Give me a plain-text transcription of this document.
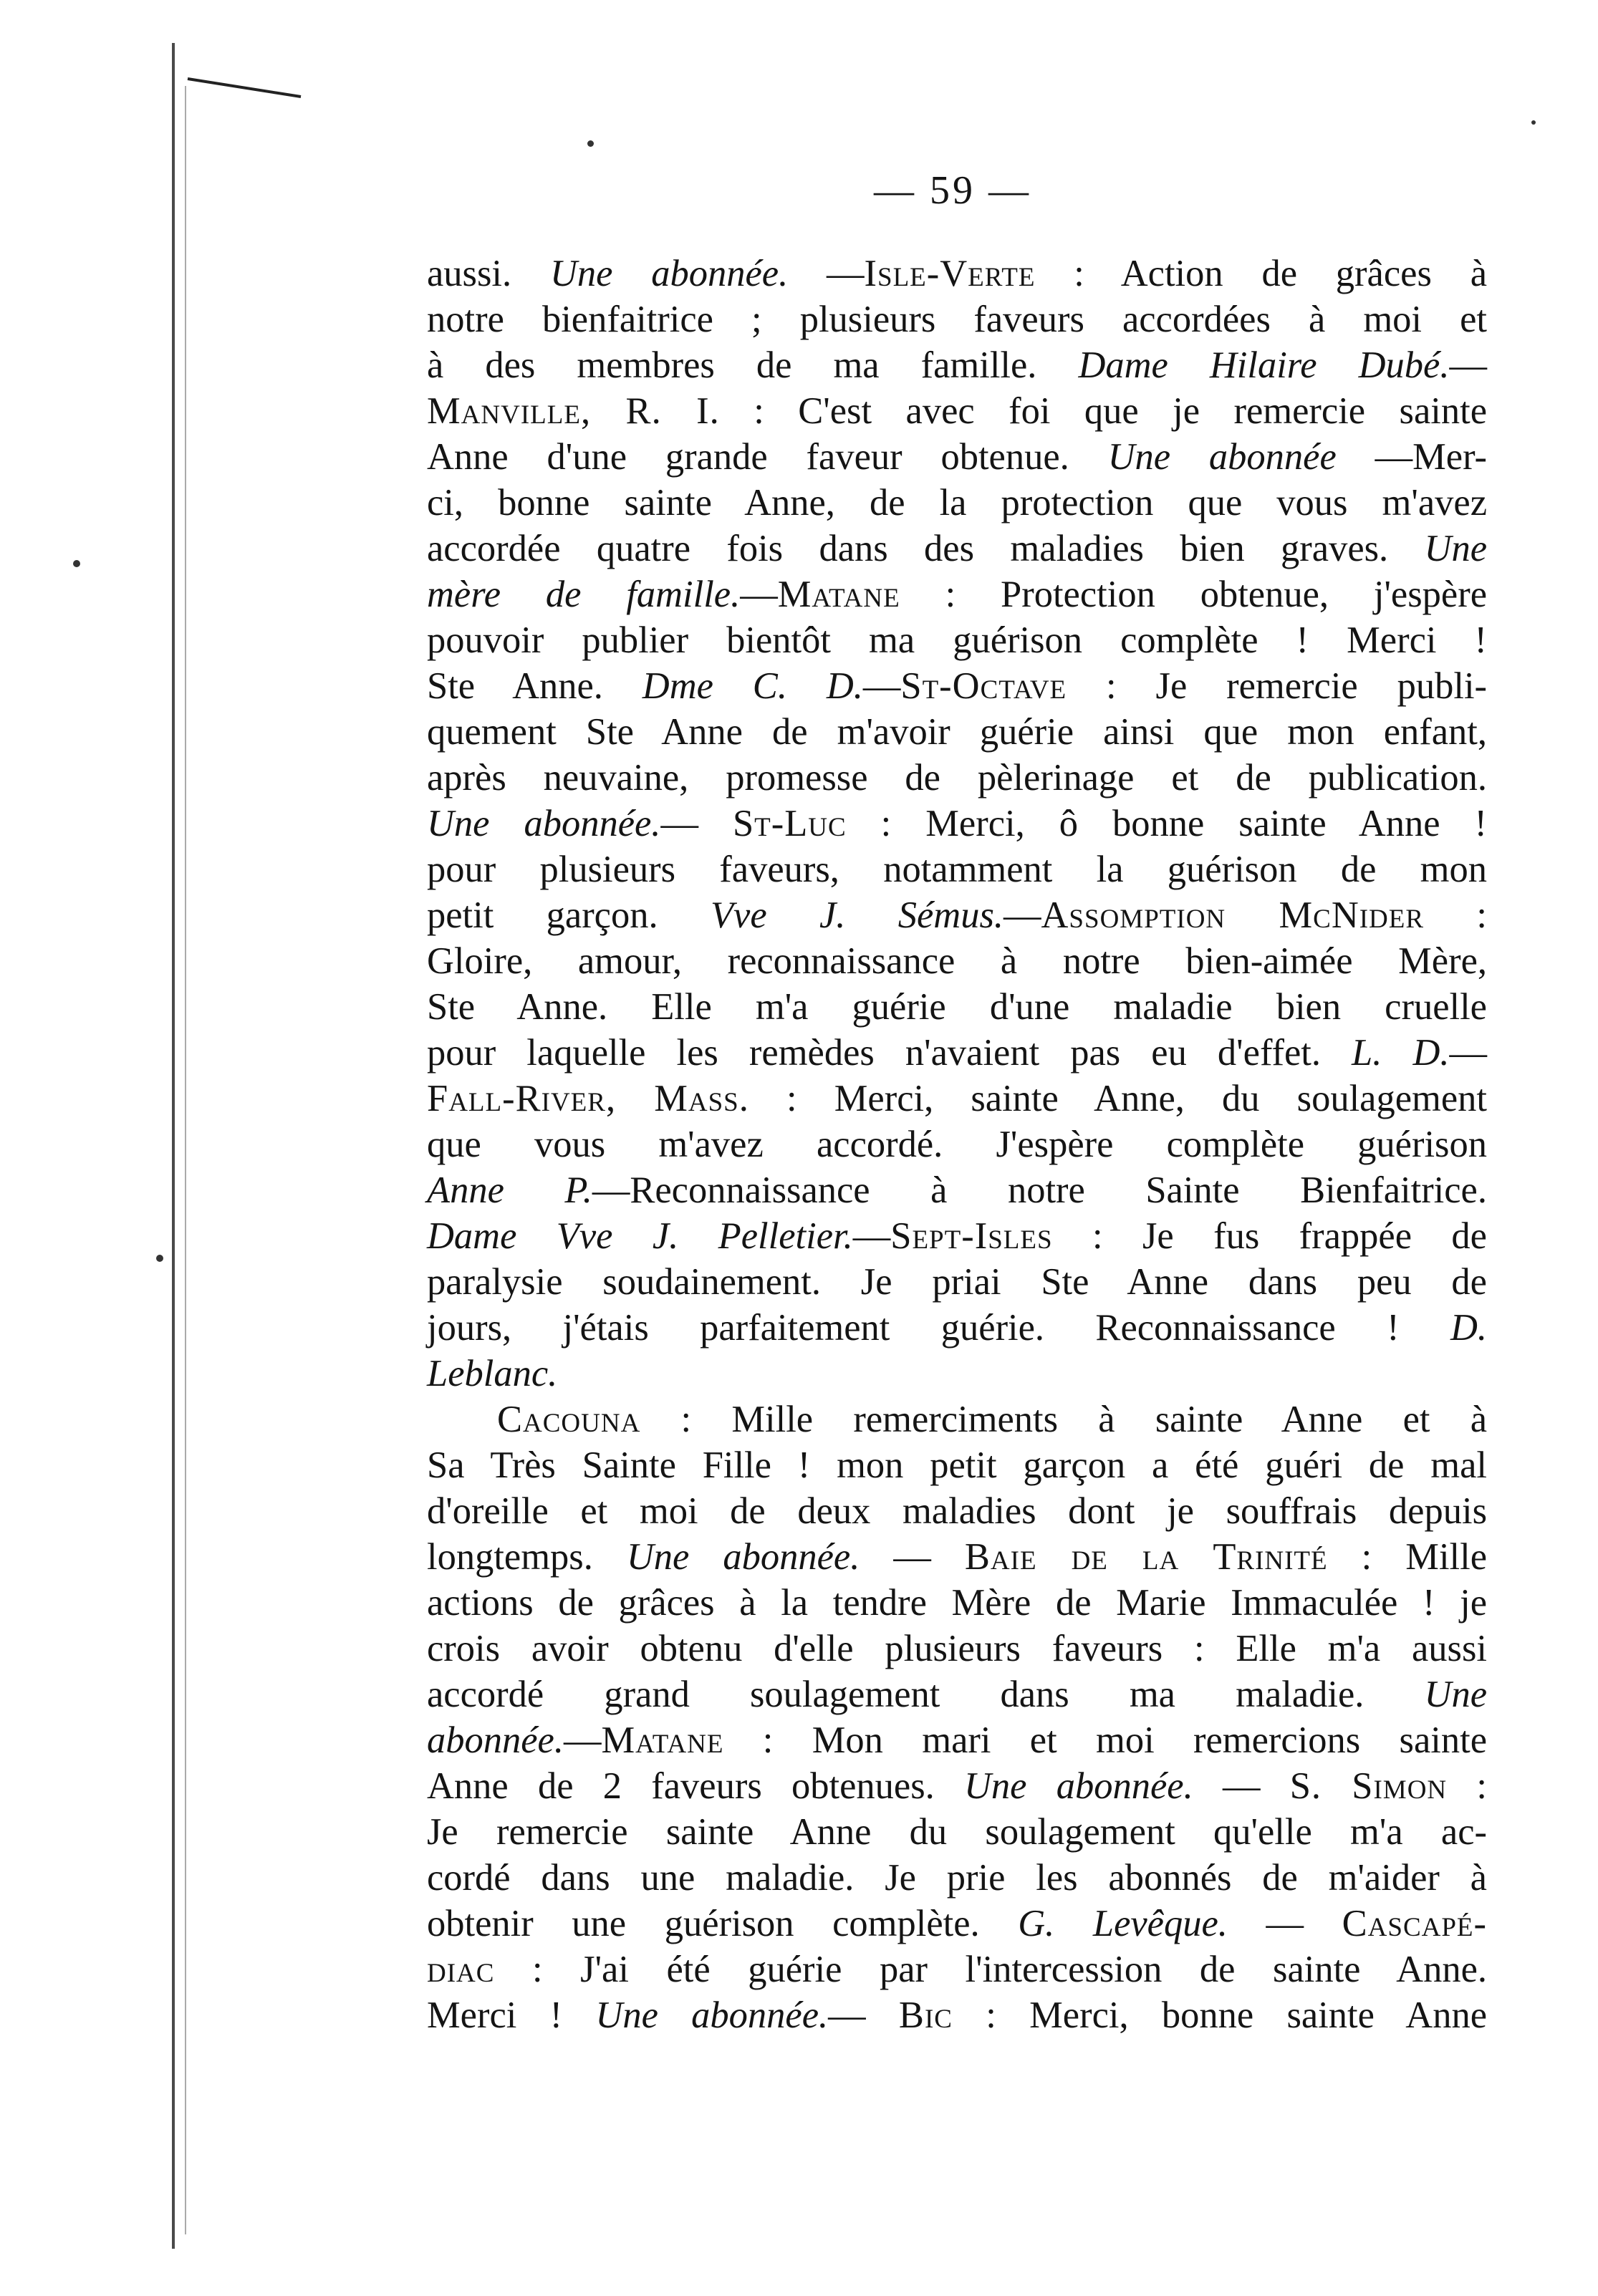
— 59 —
aussi. Une abonnée. —Isle-Verte : Action de grâces à
notre bienfaitrice ; plusieurs faveurs accordées à moi et
à des membres de ma famille. Dame Hilaire Dubé.—
Manville, R. I. : C'est avec foi que je remercie sainte
Anne d'une grande faveur obtenue. Une abonnée —Mer-
ci, bonne sainte Anne, de la protection que vous m'avez
accordée quatre fois dans des maladies bien graves. Une
mère de famille.—Matane : Protection obtenue, j'espère
pouvoir publier bientôt ma guérison complète ! Merci !
Ste Anne. Dme C. D.—St-Octave : Je remercie publi-
quement Ste Anne de m'avoir guérie ainsi que mon enfant,
après neuvaine, promesse de pèlerinage et de publication.
Une abonnée.— St-Luc : Merci, ô bonne sainte Anne !
pour plusieurs faveurs, notamment la guérison de mon
petit garçon. Vve J. Sémus.—Assomption McNider :
Gloire, amour, reconnaissance à notre bien-aimée Mère,
Ste Anne. Elle m'a guérie d'une maladie bien cruelle
pour laquelle les remèdes n'avaient pas eu d'effet. L. D.—
Fall-River, Mass. : Merci, sainte Anne, du soulagement
que vous m'avez accordé. J'espère complète guérison
Anne P.—Reconnaissance à notre Sainte Bienfaitrice.
Dame Vve J. Pelletier.—Sept-Isles : Je fus frappée de
paralysie soudainement. Je priai Ste Anne dans peu de
jours, j'étais parfaitement guérie. Reconnaissance ! D.
Leblanc.
Cacouna : Mille remerciments à sainte Anne et à
Sa Très Sainte Fille ! mon petit garçon a été guéri de mal
d'oreille et moi de deux maladies dont je souffrais depuis
longtemps. Une abonnée. — Baie de la Trinité : Mille
actions de grâces à la tendre Mère de Marie Immaculée ! je
crois avoir obtenu d'elle plusieurs faveurs : Elle m'a aussi
accordé grand soulagement dans ma maladie. Une
abonnée.—Matane : Mon mari et moi remercions sainte
Anne de 2 faveurs obtenues. Une abonnée. — S. Simon :
Je remercie sainte Anne du soulagement qu'elle m'a ac-
cordé dans une maladie. Je prie les abonnés de m'aider à
obtenir une guérison complète. G. Levêque. — Cascapé-
diac : J'ai été guérie par l'intercession de sainte Anne.
Merci ! Une abonnée.— Bic : Merci, bonne sainte Anne
